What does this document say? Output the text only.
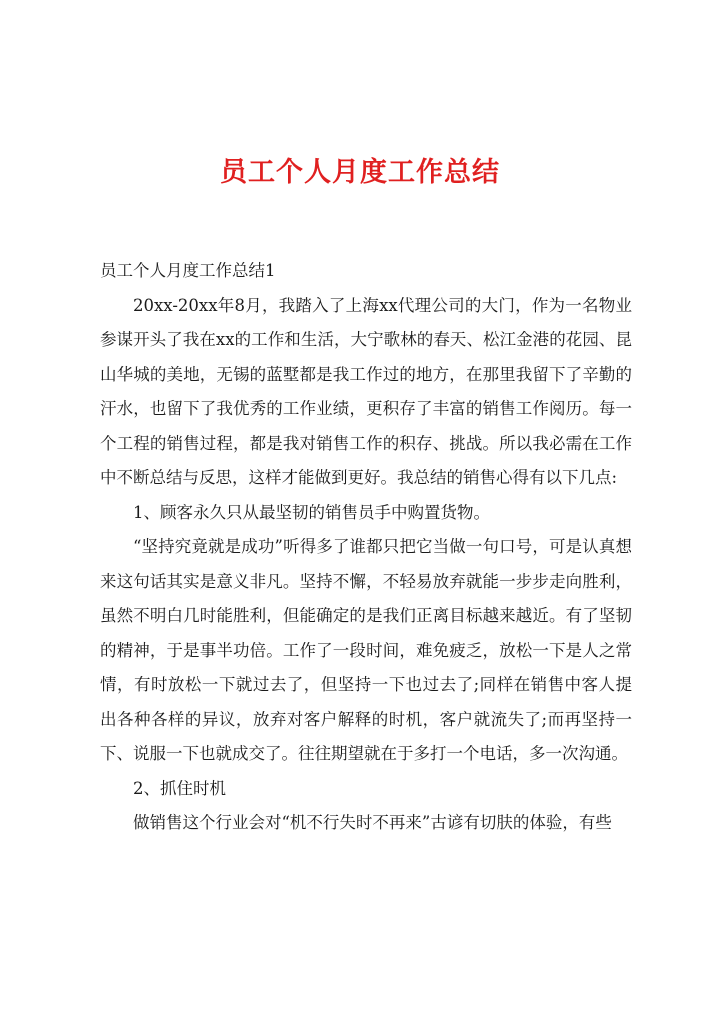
员工个人月度工作总结

员工个人月度工作总结1

20xx-20xx年8月，我踏入了上海xx代理公司的大门，作为一名物业参谋开头了我在xx的工作和生活，大宁歌林的春天、松江金港的花园、昆山华城的美地，无锡的蓝墅都是我工作过的地方，在那里我留下了辛勤的汗水，也留下了我优秀的工作业绩，更积存了丰富的销售工作阅历。每一个工程的销售过程，都是我对销售工作的积存、挑战。所以我必需在工作中不断总结与反思，这样才能做到更好。我总结的销售心得有以下几点:

1、顾客永久只从最坚韧的销售员手中购置货物。

“坚持究竟就是成功”听得多了谁都只把它当做一句口号，可是认真想来这句话其实是意义非凡。坚持不懈，不轻易放弃就能一步步走向胜利，虽然不明白几时能胜利，但能确定的是我们正离目标越来越近。有了坚韧的精神，于是事半功倍。工作了一段时间，难免疲乏，放松一下是人之常情，有时放松一下就过去了，但坚持一下也过去了;同样在销售中客人提出各种各样的异议，放弃对客户解释的时机，客户就流失了;而再坚持一下、说服一下也就成交了。往往期望就在于多打一个电话，多一次沟通。

2、抓住时机

做销售这个行业会对“机不行失时不再来”古谚有切肤的体验，有些
